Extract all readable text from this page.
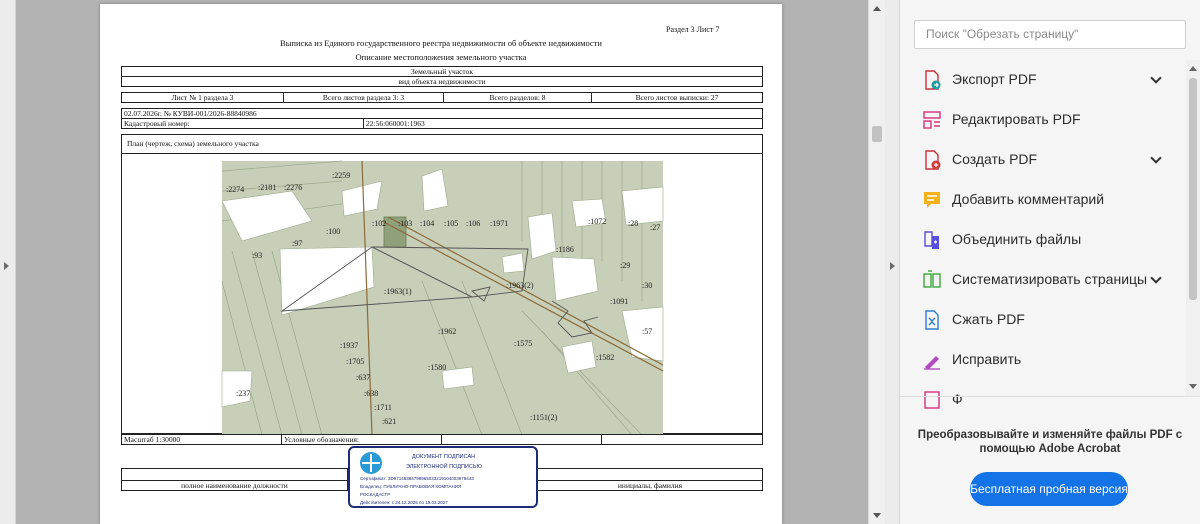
Раздел 3 Лист 7
Выписка из Единого государственного реестра недвижимости об объекте недвижимости
Описание местоположения земельного участка
Земельный участок
вид объекта недвижимости
Лист № 1 раздела 3	Всего листов раздела 3: 3	Всего разделов: 8	Всего листов выписки: 27
02.07.2026г. № КУВИ-001/2026-88840986
Кадастровый номер:	22:56:060001:1963
План (чертеж, схема) земельного участка
:2259
:2274 :2181 :2276
:100
:97
:93
:102 :103 :104 :105 :106 :1971	:1072	:28 :27
:1186
:29
:30
:1963(1)
:1963(2)
:1091
:1962	:57
:1575
:1582
:1937
:1705
:1580
:637
:638
:237
:1711
:621	:1151(2)
Масштаб 1:30000	Условные обозначения:		

полное наименование должности		инициалы, фамилия
ДОКУМЕНТ ПОДПИСАН
ЭЛЕКТРОННОЙ ПОДПИСЬЮ
Сертификат: 3D97148384799965033219104003978443
Владелец: ПУБЛИЧНО-ПРАВОВАЯ КОМПАНИЯ
РОСКАДАСТР
Действителен: с 24.12.2025 по 19.03.2027
Поиск "Обрезать страницу"
Экспорт PDF
Редактировать PDF
Создать PDF
Добавить комментарий
Объединить файлы
Систематизировать страницы
Сжать PDF
Исправить
Ф
Преобразовывайте и изменяйте файлы PDF с помощью Adobe Acrobat
Бесплатная пробная версия
